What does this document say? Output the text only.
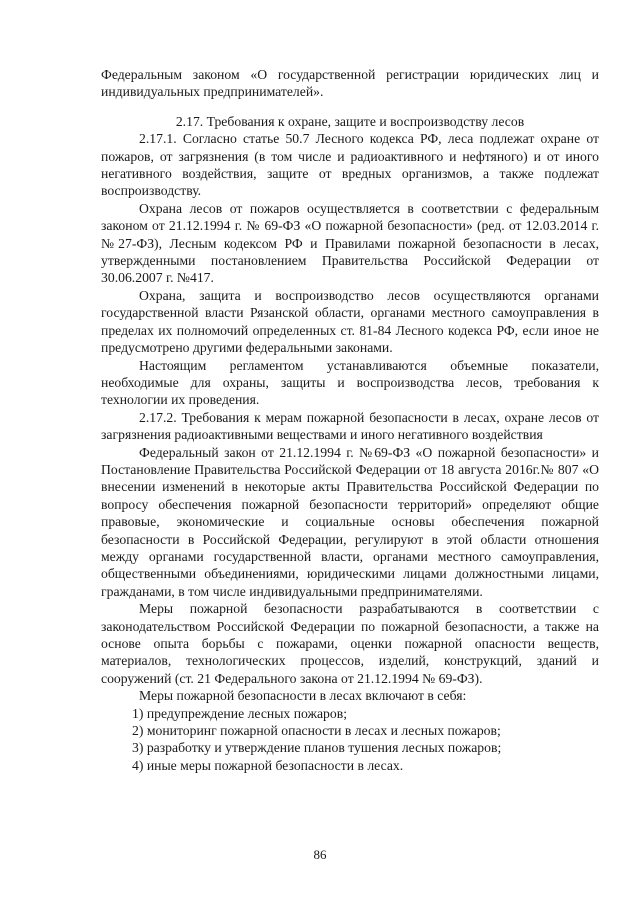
Федеральным законом «О государственной регистрации юридических лиц и индивидуальных предпринимателей».

2.17. Требования к охране, защите и воспроизводству лесов

2.17.1. Согласно статье 50.7 Лесного кодекса РФ, леса подлежат охране от пожаров, от загрязнения (в том числе и радиоактивного и нефтяного) и от иного негативного воздействия, защите от вредных организмов, а также подлежат воспроизводству.

Охрана лесов от пожаров осуществляется в соответствии с федеральным законом от 21.12.1994 г. № 69-ФЗ «О пожарной безопасности» (ред. от 12.03.2014 г. №27-ФЗ), Лесным кодексом РФ и Правилами пожарной безопасности в лесах, утвержденными постановлением Правительства Российской Федерации от 30.06.2007 г. №417.

Охрана, защита и воспроизводство лесов осуществляются органами государственной власти Рязанской области, органами местного самоуправления в пределах их полномочий определенных ст. 81-84 Лесного кодекса РФ, если иное не предусмотрено другими федеральными законами.

Настоящим регламентом устанавливаются объемные показатели, необходимые для охраны, защиты и воспроизводства лесов, требования к технологии их проведения.

2.17.2. Требования к мерам пожарной безопасности в лесах, охране лесов от загрязнения радиоактивными веществами и иного негативного воздействия

Федеральный закон от 21.12.1994 г. №69-ФЗ «О пожарной безопасности» и Постановление Правительства Российской Федерации от 18 августа 2016г.№ 807 «О внесении изменений в некоторые акты Правительства Российской Федерации по вопросу обеспечения пожарной безопасности территорий» определяют общие правовые, экономические и социальные основы обеспечения пожарной безопасности в Российской Федерации, регулируют в этой области отношения между органами государственной власти, органами местного самоуправления, общественными объединениями, юридическими лицами должностными лицами, гражданами, в том числе индивидуальными предпринимателями.

Меры пожарной безопасности разрабатываются в соответствии с законодательством Российской Федерации по пожарной безопасности, а также на основе опыта борьбы с пожарами, оценки пожарной опасности веществ, материалов, технологических процессов, изделий, конструкций, зданий и сооружений (ст. 21 Федерального закона от 21.12.1994 № 69-ФЗ).

Меры пожарной безопасности в лесах включают в себя:

1) предупреждение лесных пожаров;

2) мониторинг пожарной опасности в лесах и лесных пожаров;

3) разработку и утверждение планов тушения лесных пожаров;

4) иные меры пожарной безопасности в лесах.

86
